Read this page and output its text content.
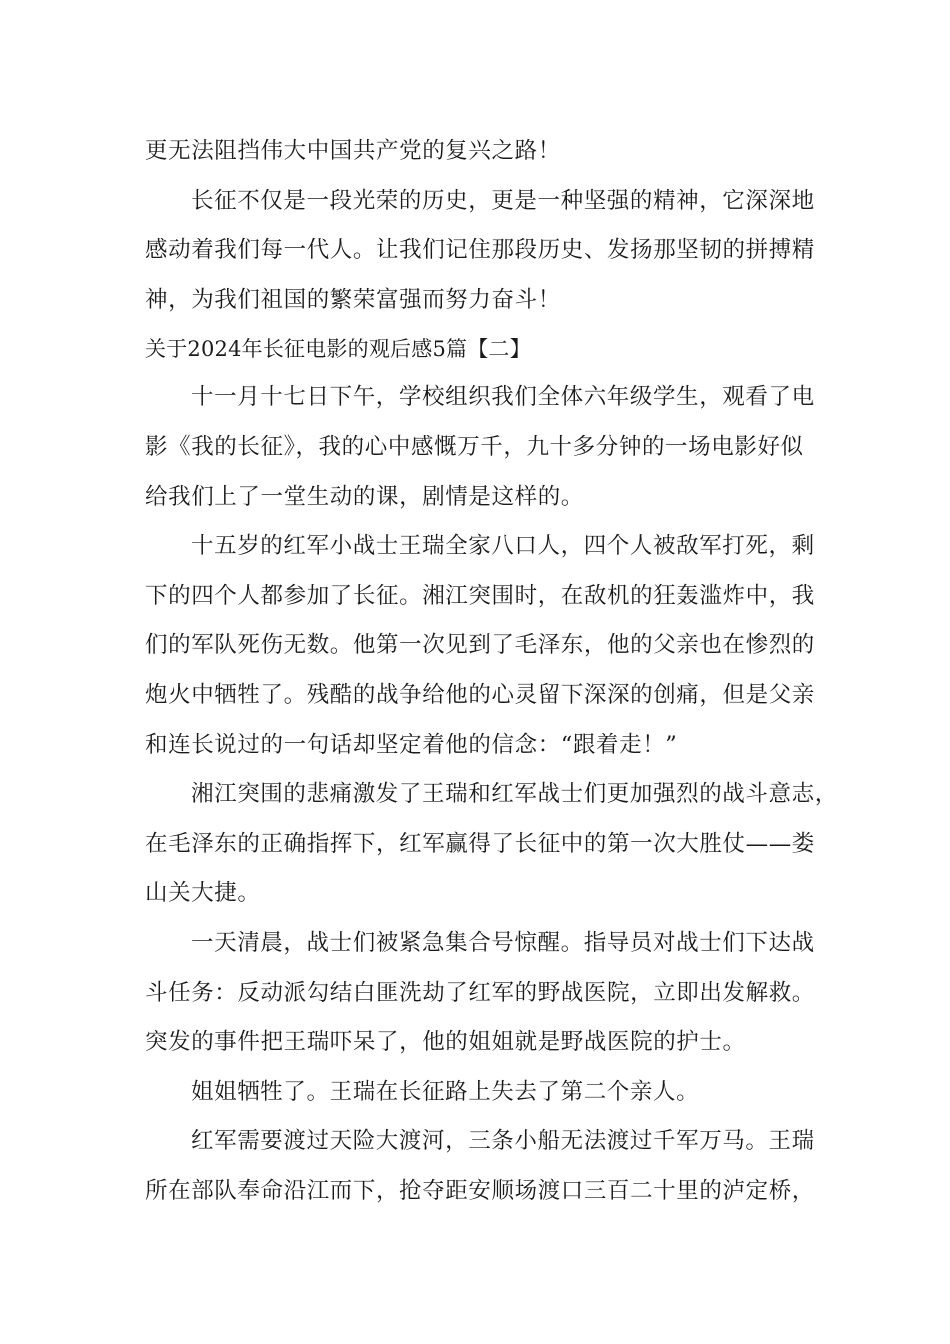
更无法阻挡伟大中国共产党的复兴之路！

长征不仅是一段光荣的历史，更是一种坚强的精神，它深深地

感动着我们每一代人。让我们记住那段历史、发扬那坚韧的拼搏精

神，为我们祖国的繁荣富强而努力奋斗！

关于2024年长征电影的观后感5篇【二】

十一月十七日下午，学校组织我们全体六年级学生，观看了电

影《我的长征》，我的心中感慨万千，九十多分钟的一场电影好似

给我们上了一堂生动的课，剧情是这样的。

十五岁的红军小战士王瑞全家八口人，四个人被敌军打死，剩

下的四个人都参加了长征。湘江突围时，在敌机的狂轰滥炸中，我

们的军队死伤无数。他第一次见到了毛泽东，他的父亲也在惨烈的

炮火中牺牲了。残酷的战争给他的心灵留下深深的创痛，但是父亲

和连长说过的一句话却坚定着他的信念：“跟着走！”

湘江突围的悲痛激发了王瑞和红军战士们更加强烈的战斗意志，

在毛泽东的正确指挥下，红军赢得了长征中的第一次大胜仗——娄

山关大捷。

一天清晨，战士们被紧急集合号惊醒。指导员对战士们下达战

斗任务：反动派勾结白匪洗劫了红军的野战医院，立即出发解救。

突发的事件把王瑞吓呆了，他的姐姐就是野战医院的护士。

姐姐牺牲了。王瑞在长征路上失去了第二个亲人。

红军需要渡过天险大渡河，三条小船无法渡过千军万马。王瑞

所在部队奉命沿江而下，抢夺距安顺场渡口三百二十里的泸定桥，
